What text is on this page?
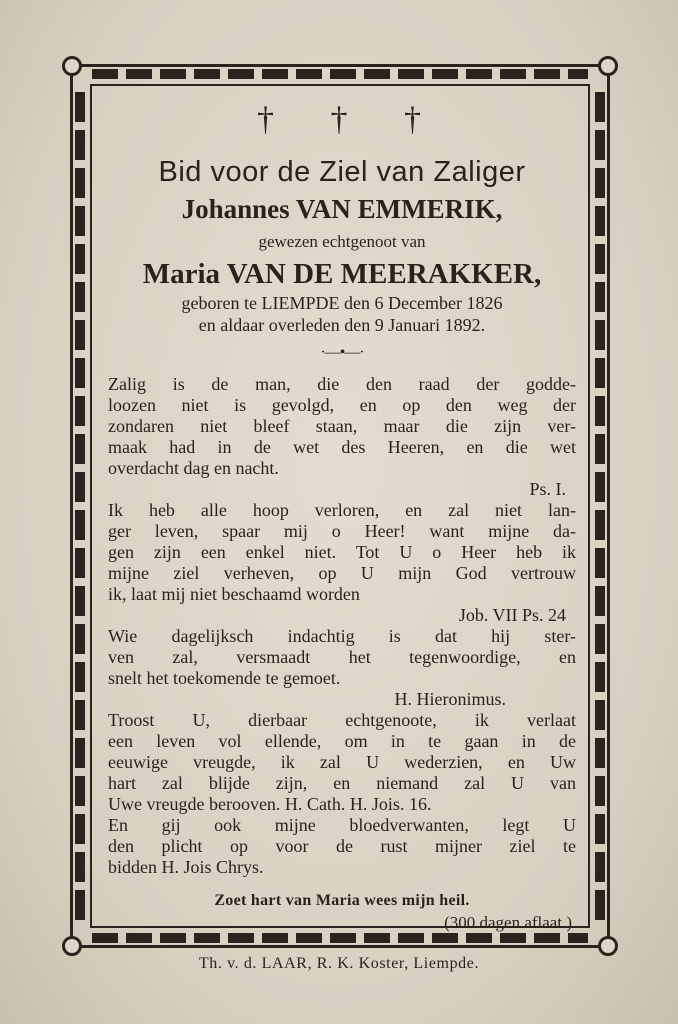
† † †
Bid voor de Ziel van Zaliger
Johannes VAN EMMERIK,
gewezen echtgenoot van
Maria VAN DE MEERAKKER,
geboren te LIEMPDE den 6 December 1826
en aldaar overleden den 9 Januari 1892.
·—•—·
Zalig is de man, die den raad der godde-
loozen niet is gevolgd, en op den weg der
zondaren niet bleef staan, maar die zijn ver-
maak had in de wet des Heeren, en die wet
overdacht dag en nacht.
Ps. I.
Ik heb alle hoop verloren, en zal niet lan-
ger leven, spaar mij o Heer! want mijne da-
gen zijn een enkel niet. Tot U o Heer heb ik
mijne ziel verheven, op U mijn God vertrouw
ik, laat mij niet beschaamd worden
Job. VII Ps. 24
Wie dagelijksch indachtig is dat hij ster-
ven zal, versmaadt het tegenwoordige, en
snelt het toekomende te gemoet.
H. Hieronimus.
Troost U, dierbaar echtgenoote, ik verlaat
een leven vol ellende, om in te gaan in de
eeuwige vreugde, ik zal U wederzien, en Uw
hart zal blijde zijn, en niemand zal U van
Uwe vreugde berooven. H. Cath. H. Jois. 16.
En gij ook mijne bloedverwanten, legt U
den plicht op voor de rust mijner ziel te
bidden H. Jois Chrys.
Zoet hart van Maria wees mijn heil.
(300 dagen aflaat.)
Th. v. d. LAAR, R. K. Koster, Liempde.
